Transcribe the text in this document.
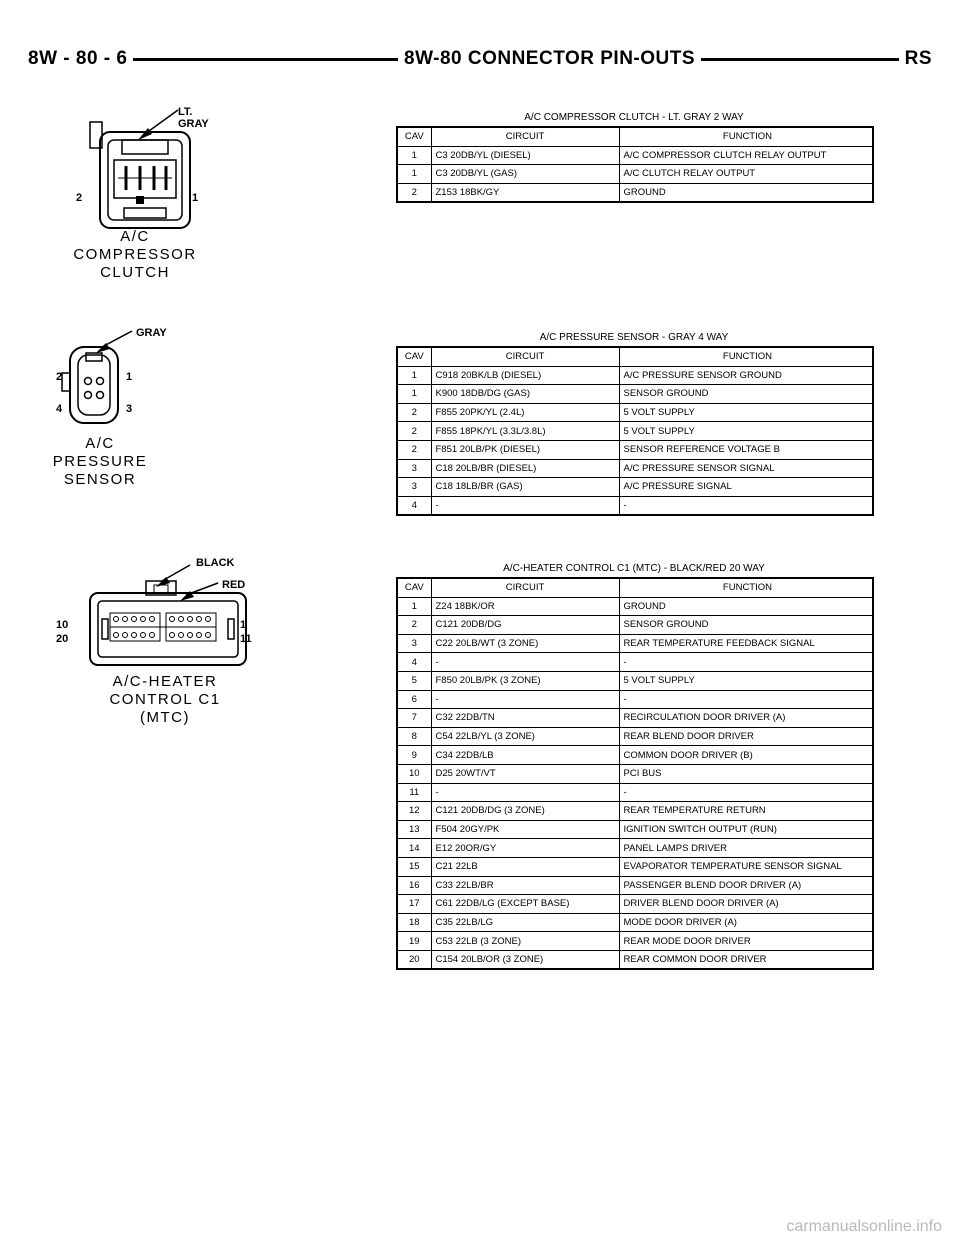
8W - 80 - 6	8W-80 CONNECTOR PIN-OUTS	RS
LT. GRAY
2	1
A/C
COMPRESSOR
CLUTCH
GRAY
2	1
4	3
A/C
PRESSURE
SENSOR
BLACK
RED
10
20
1
11
A/C-HEATER
CONTROL C1
(MTC)
A/C COMPRESSOR CLUTCH - LT. GRAY 2 WAY
CAV	CIRCUIT	FUNCTION
1	C3 20DB/YL (DIESEL)	A/C COMPRESSOR CLUTCH RELAY OUTPUT
1	C3 20DB/YL (GAS)	A/C CLUTCH RELAY OUTPUT
2	Z153 18BK/GY	GROUND
A/C PRESSURE SENSOR - GRAY 4 WAY
CAV	CIRCUIT	FUNCTION
1	C918 20BK/LB (DIESEL)	A/C PRESSURE SENSOR GROUND
1	K900 18DB/DG (GAS)	SENSOR GROUND
2	F855 20PK/YL (2.4L)	5 VOLT SUPPLY
2	F855 18PK/YL (3.3L/3.8L)	5 VOLT SUPPLY
2	F851 20LB/PK (DIESEL)	SENSOR REFERENCE VOLTAGE B
3	C18 20LB/BR (DIESEL)	A/C PRESSURE SENSOR SIGNAL
3	C18 18LB/BR (GAS)	A/C PRESSURE SIGNAL
4	-	-
A/C-HEATER CONTROL C1 (MTC) - BLACK/RED 20 WAY
CAV	CIRCUIT	FUNCTION
1	Z24 18BK/OR	GROUND
2	C121 20DB/DG	SENSOR GROUND
3	C22 20LB/WT (3 ZONE)	REAR TEMPERATURE FEEDBACK SIGNAL
4	-	-
5	F850 20LB/PK (3 ZONE)	5 VOLT SUPPLY
6	-	-
7	C32 22DB/TN	RECIRCULATION DOOR DRIVER (A)
8	C54 22LB/YL (3 ZONE)	REAR BLEND DOOR DRIVER
9	C34 22DB/LB	COMMON DOOR DRIVER (B)
10	D25 20WT/VT	PCI BUS
11	-	-
12	C121 20DB/DG (3 ZONE)	REAR TEMPERATURE RETURN
13	F504 20GY/PK	IGNITION SWITCH OUTPUT (RUN)
14	E12 20OR/GY	PANEL LAMPS DRIVER
15	C21 22LB	EVAPORATOR TEMPERATURE SENSOR SIGNAL
16	C33 22LB/BR	PASSENGER BLEND DOOR DRIVER (A)
17	C61 22DB/LG (EXCEPT BASE)	DRIVER BLEND DOOR DRIVER (A)
18	C35 22LB/LG	MODE DOOR DRIVER (A)
19	C53 22LB (3 ZONE)	REAR MODE DOOR DRIVER
20	C154 20LB/OR (3 ZONE)	REAR COMMON DOOR DRIVER
carmanualsonline.info
